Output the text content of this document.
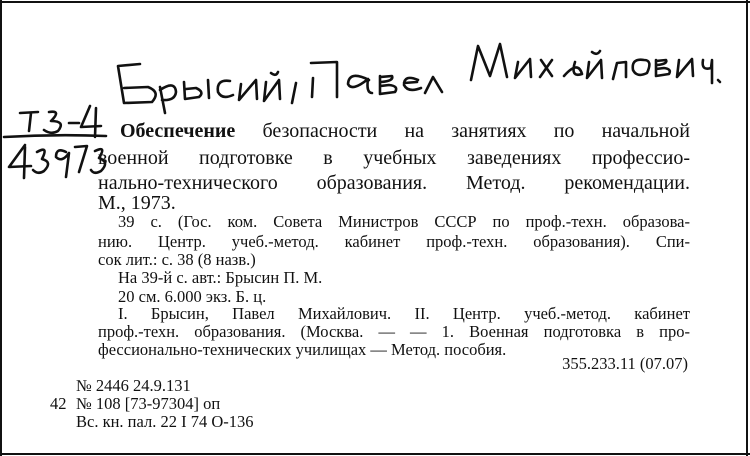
Обеспечение безопасности на занятиях по начальной
военной подготовке в учебных заведениях профессио-
нально-технического образования. Метод. рекомендации.
М., 1973.
39 с. (Гос. ком. Совета Министров СССР по проф.-техн. образова-
нию. Центр. учеб.-метод. кабинет проф.-техн. образования). Спи-
сок лит.: с. 38 (8 назв.)
На 39-й с. авт.: Брысин П. М.
20 см. 6.000 экз. Б. ц.
I. Брысин, Павел Михайлович. II. Центр. учеб.-метод. кабинет
проф.-техн. образования. (Москва. — — 1. Военная подготовка в про-
фессионально-технических училищах — Метод. пособия.
355.233.11 (07.07)
№ 2446 24.9.131
42 № 108 [73-97304] оп
Вс. кн. пал. 22 I 74 О-136
